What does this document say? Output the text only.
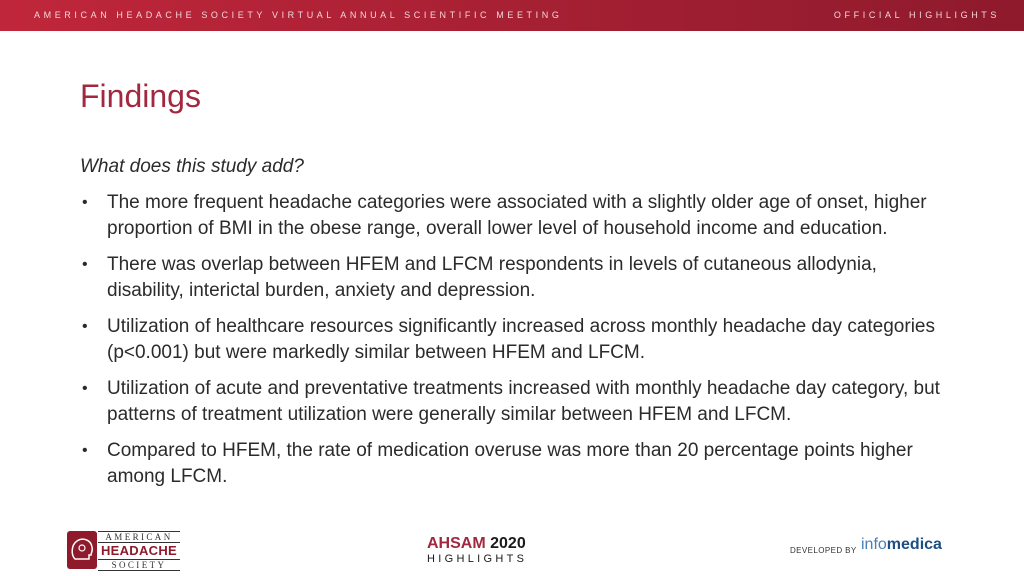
AMERICAN HEADACHE SOCIETY VIRTUAL ANNUAL SCIENTIFIC MEETING	OFFICIAL HIGHLIGHTS
Findings
What does this study add?
• The more frequent headache categories were associated with a slightly older age of onset, higher proportion of BMI in the obese range, overall lower level of household income and education.
• There was overlap between HFEM and LFCM respondents in levels of cutaneous allodynia, disability, interictal burden, anxiety and depression.
• Utilization of healthcare resources significantly increased across monthly headache day categories (p<0.001) but were markedly similar between HFEM and LFCM.
• Utilization of acute and preventative treatments increased with monthly headache day category, but patterns of treatment utilization were generally similar between HFEM and LFCM.
• Compared to HFEM, the rate of medication overuse was more than 20 percentage points higher among LFCM.
AMERICAN
HEADACHE
SOCIETY
AHSAM 2020
HIGHLIGHTS
DEVELOPED BY infomedica
